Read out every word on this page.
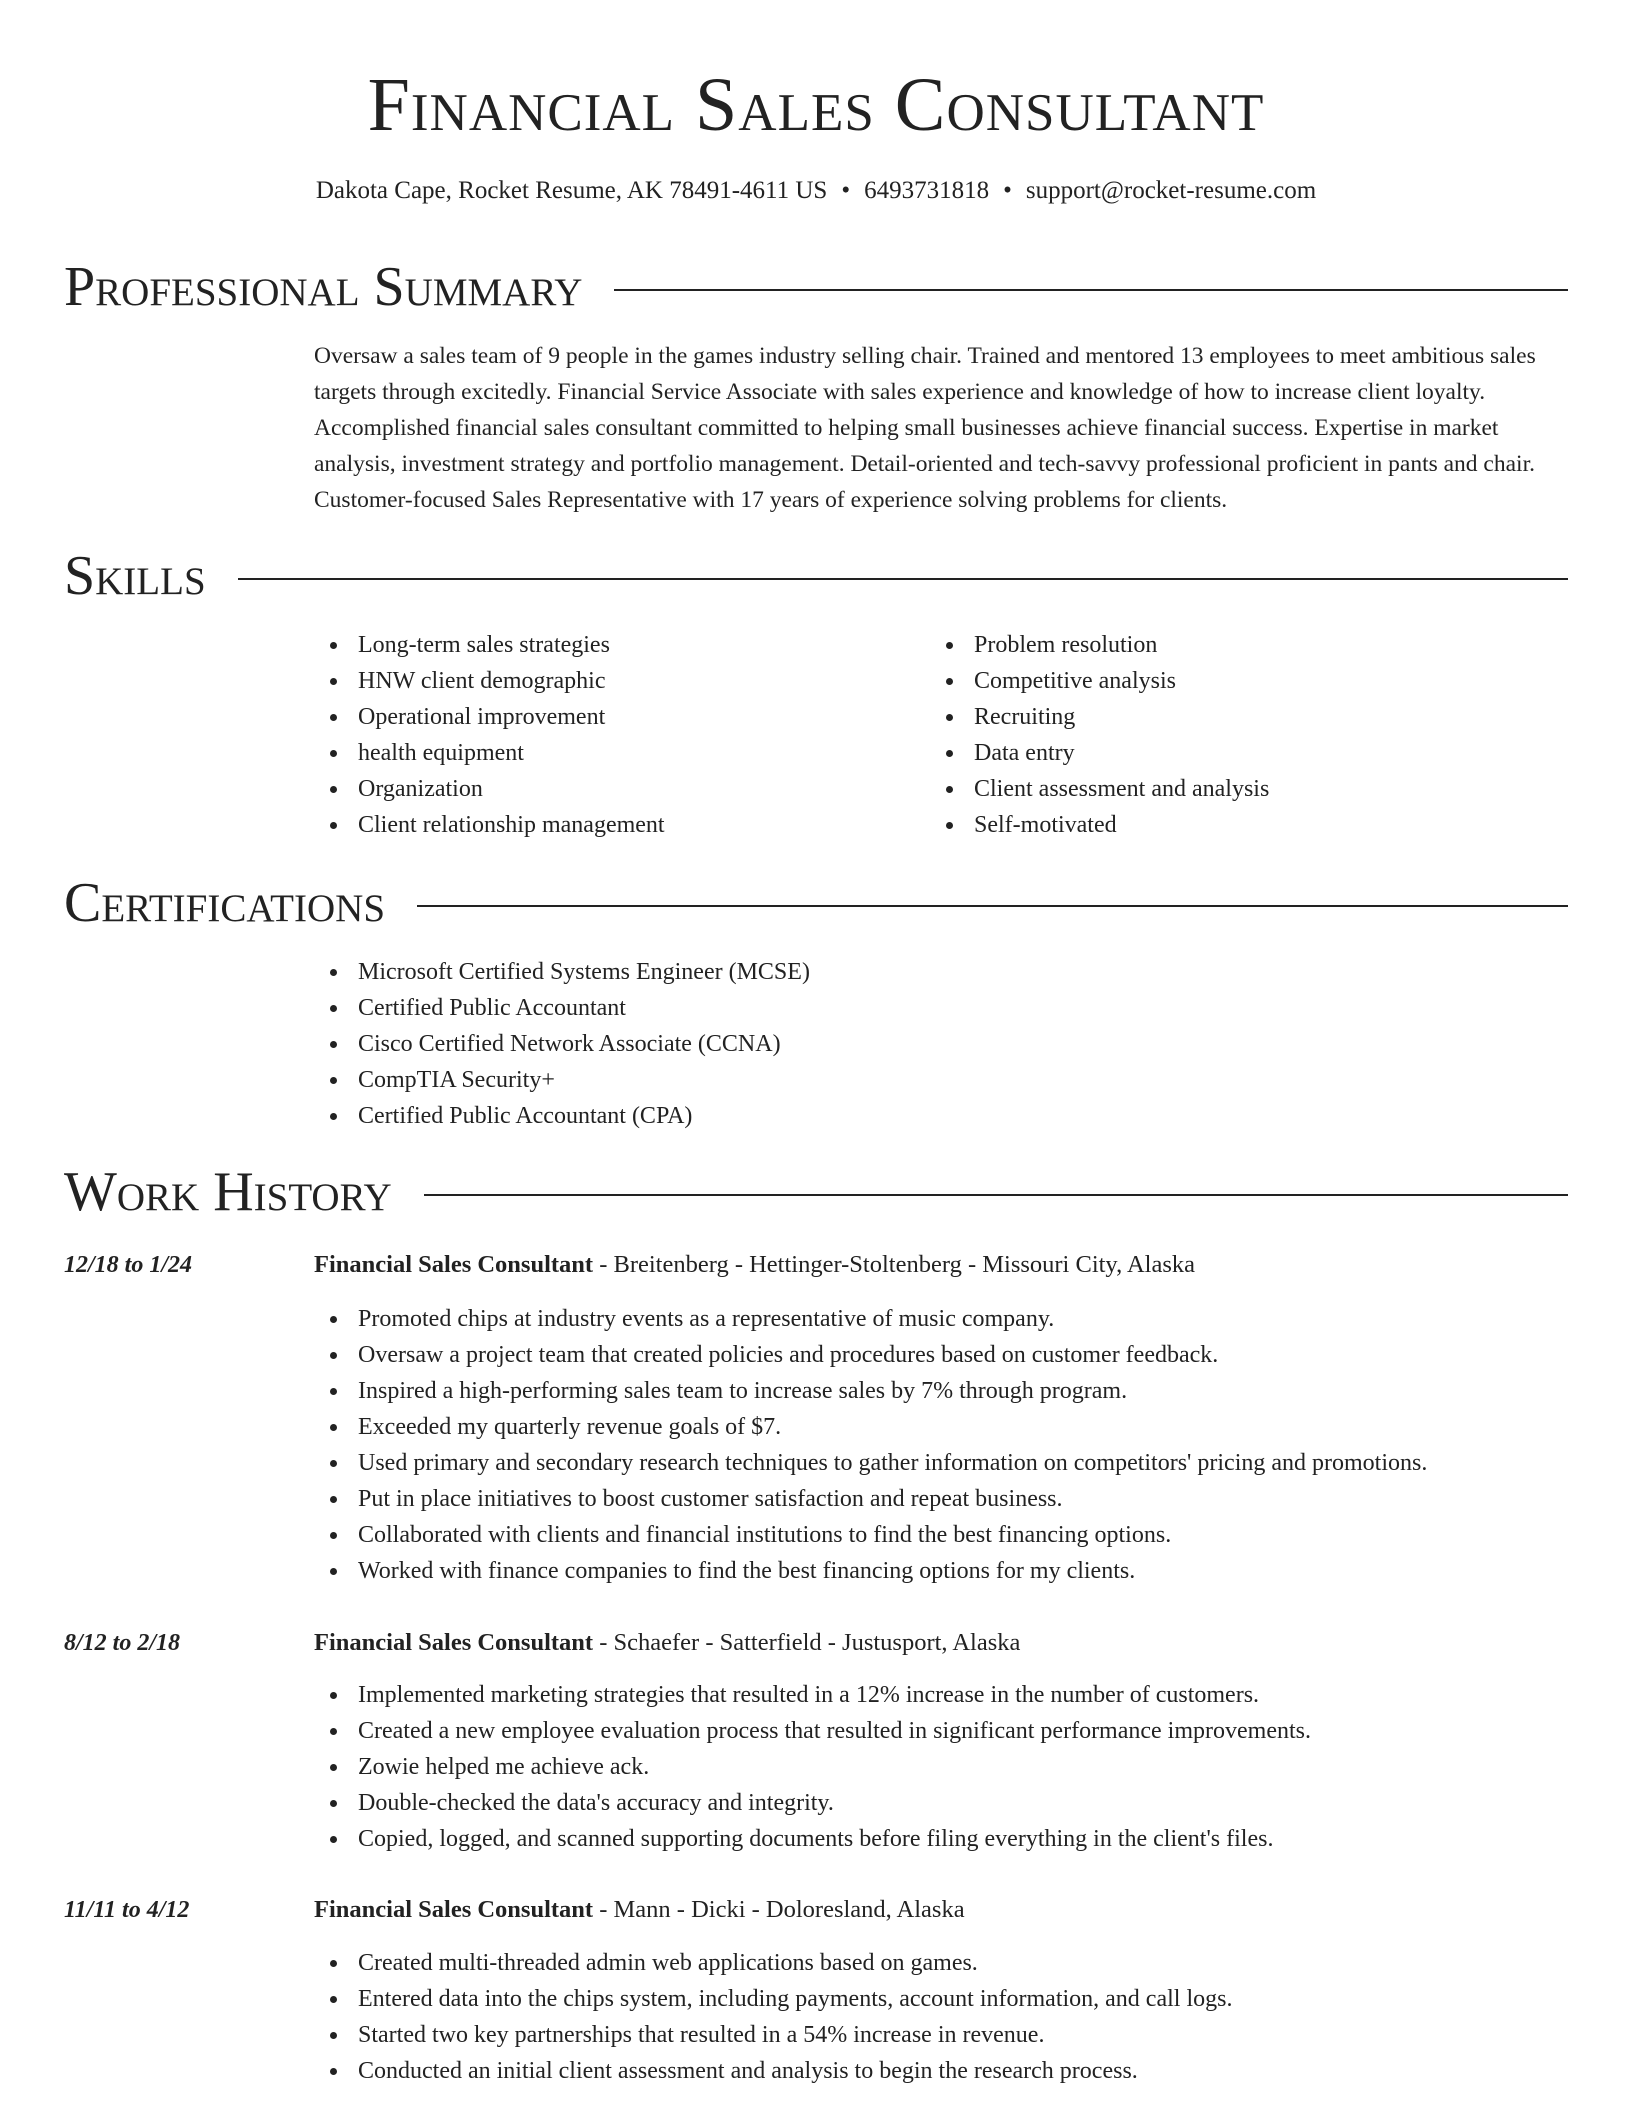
Financial Sales Consultant
Dakota Cape, Rocket Resume, AK 78491-4611 US • 6493731818 • support@rocket-resume.com
Professional Summary

Oversaw a sales team of 9 people in the games industry selling chair. Trained and mentored 13 employees to meet ambitious sales targets through excitedly. Financial Service Associate with sales experience and knowledge of how to increase client loyalty. Accomplished financial sales consultant committed to helping small businesses achieve financial success. Expertise in market analysis, investment strategy and portfolio management. Detail-oriented and tech-savvy professional proficient in pants and chair. Customer-focused Sales Representative with 17 years of experience solving problems for clients.

Skills
Long-term sales strategies
HNW client demographic
Operational improvement
health equipment
Organization
Client relationship management
Problem resolution
Competitive analysis
Recruiting
Data entry
Client assessment and analysis
Self-motivated
Certifications
Microsoft Certified Systems Engineer (MCSE)
Certified Public Accountant
Cisco Certified Network Associate (CCNA)
CompTIA Security+
Certified Public Accountant (CPA)
Work History
12/18 to 1/24	Financial Sales Consultant - Breitenberg - Hettinger-Stoltenberg - Missouri City, Alaska
Promoted chips at industry events as a representative of music company.
Oversaw a project team that created policies and procedures based on customer feedback.
Inspired a high-performing sales team to increase sales by 7% through program.
Exceeded my quarterly revenue goals of $7.
Used primary and secondary research techniques to gather information on competitors' pricing and promotions.
Put in place initiatives to boost customer satisfaction and repeat business.
Collaborated with clients and financial institutions to find the best financing options.
Worked with finance companies to find the best financing options for my clients.
8/12 to 2/18	Financial Sales Consultant - Schaefer - Satterfield - Justusport, Alaska
Implemented marketing strategies that resulted in a 12% increase in the number of customers.
Created a new employee evaluation process that resulted in significant performance improvements.
Zowie helped me achieve ack.
Double-checked the data's accuracy and integrity.
Copied, logged, and scanned supporting documents before filing everything in the client's files.
11/11 to 4/12	Financial Sales Consultant - Mann - Dicki - Doloresland, Alaska
Created multi-threaded admin web applications based on games.
Entered data into the chips system, including payments, account information, and call logs.
Started two key partnerships that resulted in a 54% increase in revenue.
Conducted an initial client assessment and analysis to begin the research process.
